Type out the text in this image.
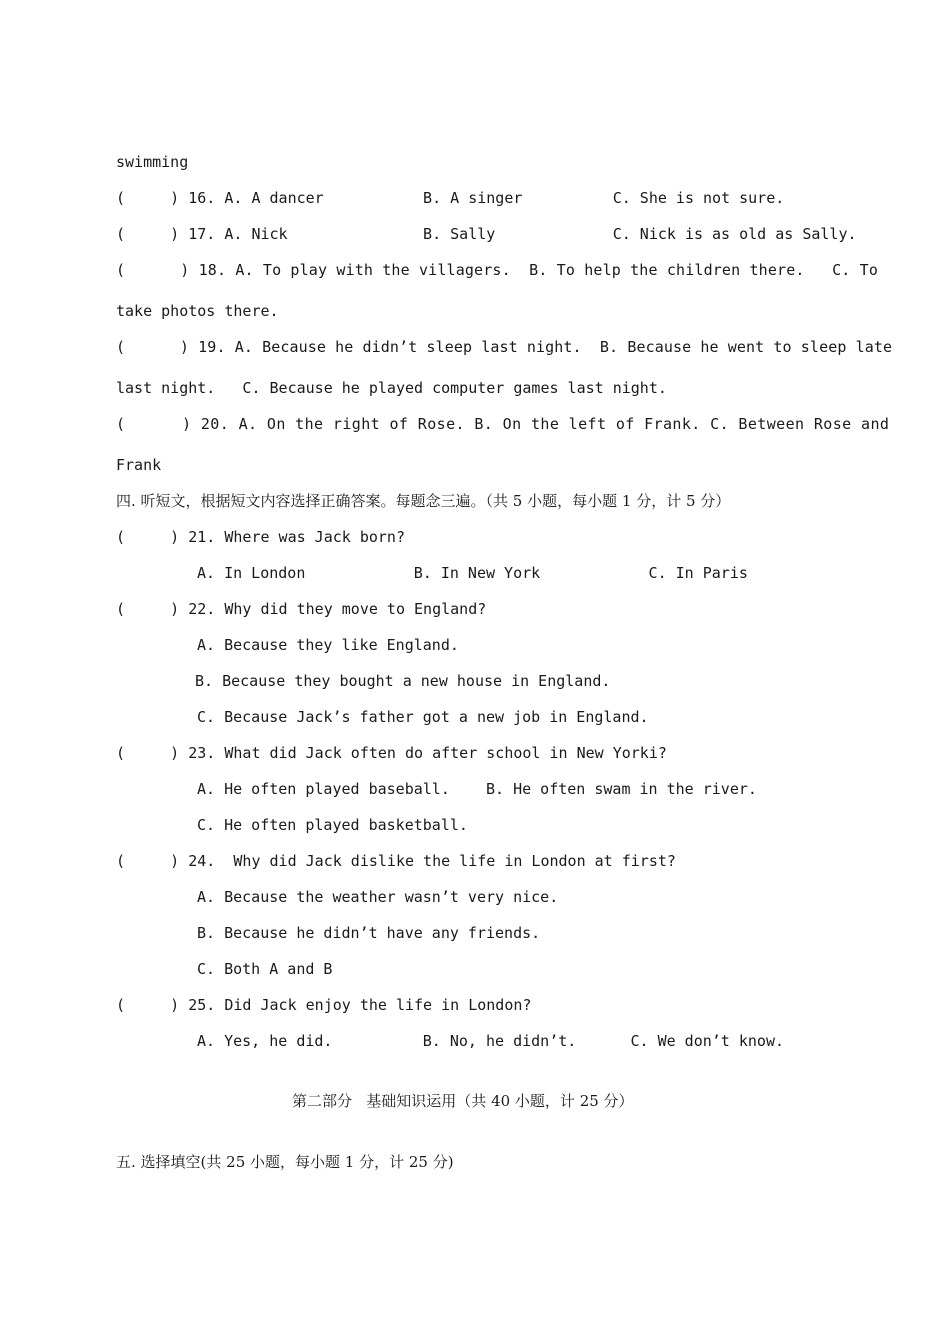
swimming
(     ) 16. A. A dancer           B. A singer          C. She is not sure.
(     ) 17. A. Nick               B. Sally             C. Nick is as old as Sally.
(      ) 18. A. To play with the villagers.  B. To help the children there.   C. To
take photos there.
(      ) 19. A. Because he didn’t sleep last night.  B. Because he went to sleep late
last night.   C. Because he played computer games last night.
(      ) 20. A. On the right of Rose. B. On the left of Frank. C. Between Rose and
Frank
四. 听短文，根据短文内容选择正确答案。每题念三遍。（共 5 小题，每小题 1 分，计 5 分）
(     ) 21. Where was Jack born?
A. In London            B. In New York            C. In Paris
(     ) 22. Why did they move to England?
A. Because they like England.
B. Because they bought a new house in England.
C. Because Jack’s father got a new job in England.
(     ) 23. What did Jack often do after school in New Yorki?
A. He often played baseball.    B. He often swam in the river.
C. He often played basketball.
(     ) 24.  Why did Jack dislike the life in London at first?
A. Because the weather wasn’t very nice.
B. Because he didn’t have any friends.
C. Both A and B
(     ) 25. Did Jack enjoy the life in London?
A. Yes, he did.          B. No, he didn’t.      C. We don’t know.
第二部分   基础知识运用（共 40 小题，计 25 分）
五. 选择填空(共 25 小题，每小题 1 分，计 25 分)
